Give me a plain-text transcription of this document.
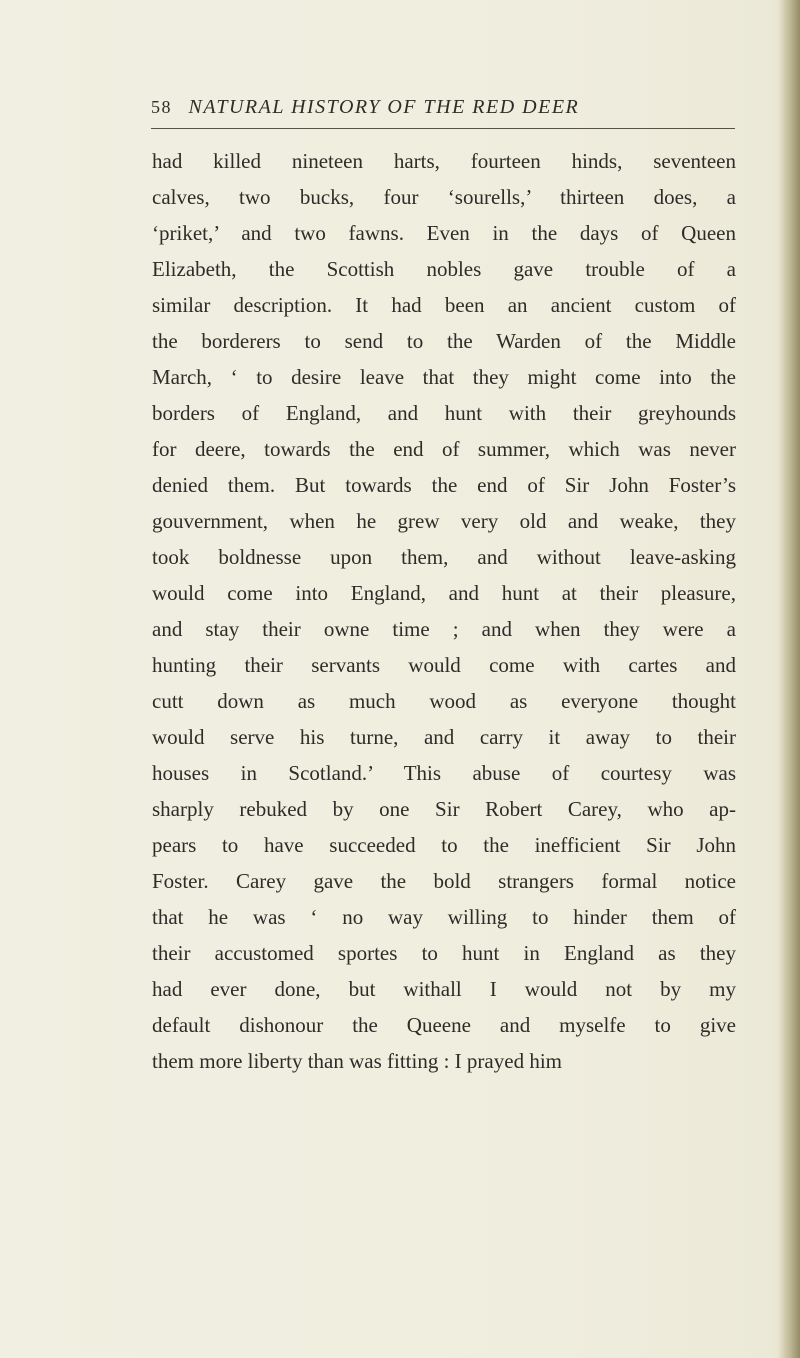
58 NATURAL HISTORY OF THE RED DEER
had killed nineteen harts, fourteen hinds, seventeen
calves, two bucks, four ‘sourells,’ thirteen does, a
‘priket,’ and two fawns. Even in the days of Queen
Elizabeth, the Scottish nobles gave trouble of a
similar description. It had been an ancient custom of
the borderers to send to the Warden of the Middle
March, ‘ to desire leave that they might come into the
borders of England, and hunt with their greyhounds
for deere, towards the end of summer, which was never
denied them. But towards the end of Sir John Foster’s
gouvernment, when he grew very old and weake, they
took boldnesse upon them, and without leave-asking
would come into England, and hunt at their pleasure,
and stay their owne time ; and when they were a
hunting their servants would come with cartes and
cutt down as much wood as everyone thought
would serve his turne, and carry it away to their
houses in Scotland.’ This abuse of courtesy was
sharply rebuked by one Sir Robert Carey, who ap-
pears to have succeeded to the inefficient Sir John
Foster. Carey gave the bold strangers formal notice
that he was ‘ no way willing to hinder them of
their accustomed sportes to hunt in England as they
had ever done, but withall I would not by my
default dishonour the Queene and myselfe to give
them more liberty than was fitting : I prayed him
